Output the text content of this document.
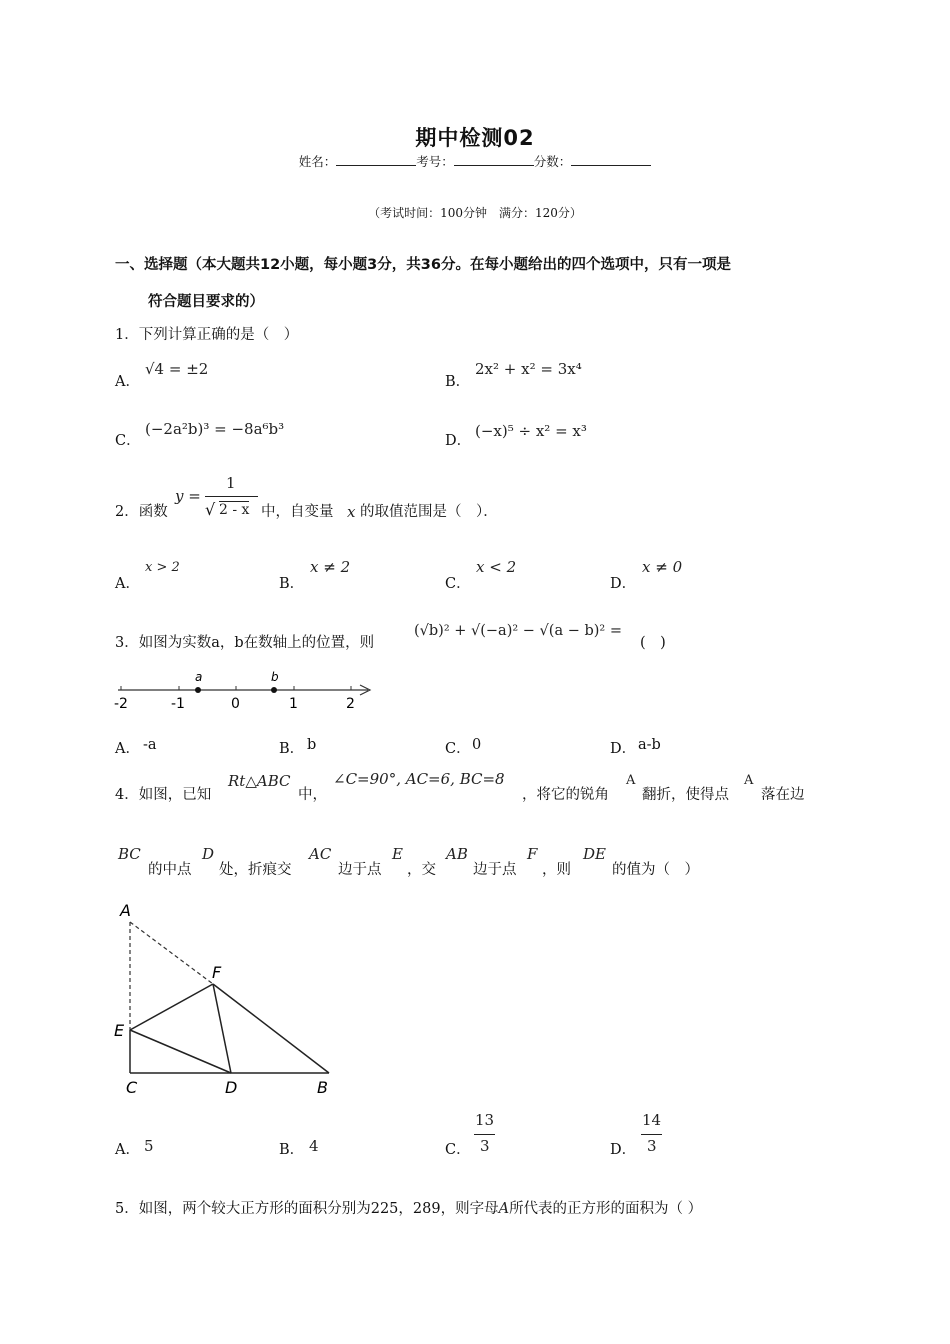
期中检测02
姓名：	考号：	分数：
（考试时间：100分钟　满分：120分）
一、选择题（本大题共12小题，每小题3分，共36分。在每小题给出的四个选项中，只有一项是
符合题目要求的）
1．下列计算正确的是（　）
A．
√4 = ±2
B．
2x² + x² = 3x⁴
C．
(−2a²b)³ = −8a⁶b³
D．
(−x)⁵ ÷ x² = x³
2．函数
y =
1
√ 2 - x 中，自变量 x 的取值范围是（　）．
A．
x > 2
B．
x ≠ 2
C．
x < 2
D．
x ≠ 0
3．如图为实数a，b在数轴上的位置，则
(√b)² + √(−a)² − √(a − b)² =
(　)
a	b
-2	-1	0	1	2
A． -a	B． b	C． 0	D． a-b
4．如图，已知
Rt△ABC
中，
∠C=90°, AC=6, BC=8
，将它的锐角
A
翻折，使得点
A
落在边
BC
的中点
D
处，折痕交
AC
边于点
E
，交
AB
边于点
F
，则
DE
的值为（　）
A
F
E
C	D	B
A． 5	B． 4	C．
13
3	D．
14
3
5．如图，两个较大正方形的面积分别为225，289，则字母A所代表的正方形的面积为（ ）
